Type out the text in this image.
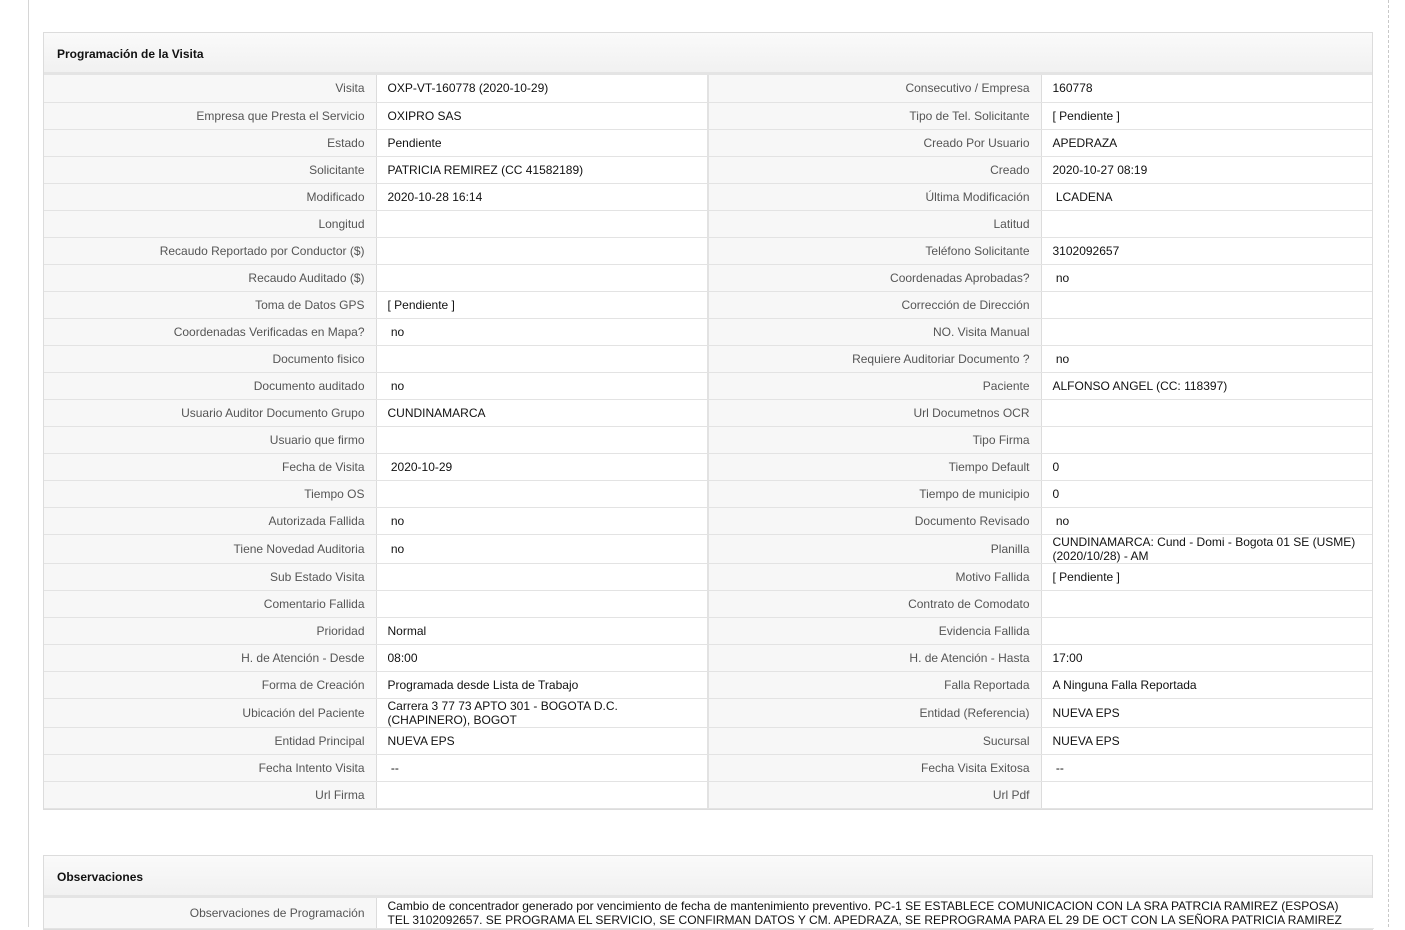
Programación de la Visita
Visita	OXP-VT-160778 (2020-10-29)	Consecutivo / Empresa	160778
Empresa que Presta el Servicio	OXIPRO SAS	Tipo de Tel. Solicitante	[ Pendiente ]
Estado	Pendiente	Creado Por Usuario	APEDRAZA
Solicitante	PATRICIA REMIREZ (CC 41582189)	Creado	2020-10-27 08:19
Modificado	2020-10-28 16:14	Última Modificación	LCADENA
Longitud		Latitud	
Recaudo Reportado por Conductor ($)		Teléfono Solicitante	3102092657
Recaudo Auditado ($)		Coordenadas Aprobadas?	no
Toma de Datos GPS	[ Pendiente ]	Corrección de Dirección	
Coordenadas Verificadas en Mapa?	no	NO. Visita Manual	
Documento fisico		Requiere Auditoriar Documento ?	no
Documento auditado	no	Paciente	ALFONSO ANGEL (CC: 118397)
Usuario Auditor Documento Grupo	CUNDINAMARCA	Url Documetnos OCR	
Usuario que firmo		Tipo Firma	
Fecha de Visita	2020-10-29	Tiempo Default	0
Tiempo OS		Tiempo de municipio	0
Autorizada Fallida	no	Documento Revisado	no
Tiene Novedad Auditoria	no	Planilla	CUNDINAMARCA: Cund - Domi - Bogota 01 SE (USME) (2020/10/28) - AM
Sub Estado Visita		Motivo Fallida	[ Pendiente ]
Comentario Fallida		Contrato de Comodato	
Prioridad	Normal	Evidencia Fallida	
H. de Atención - Desde	08:00	H. de Atención - Hasta	17:00
Forma de Creación	Programada desde Lista de Trabajo	Falla Reportada	A Ninguna Falla Reportada
Ubicación del Paciente	Carrera 3 77 73 APTO 301 - BOGOTA D.C. (CHAPINERO), BOGOT	Entidad (Referencia)	NUEVA EPS
Entidad Principal	NUEVA EPS	Sucursal	NUEVA EPS
Fecha Intento Visita	--	Fecha Visita Exitosa	--
Url Firma		Url Pdf	
Observaciones
Observaciones de Programación	Cambio de concentrador generado por vencimiento de fecha de mantenimiento preventivo. PC-1 SE ESTABLECE COMUNICACION CON LA SRA PATRCIA RAMIREZ (ESPOSA) TEL 3102092657. SE PROGRAMA EL SERVICIO, SE CONFIRMAN DATOS Y CM. APEDRAZA, SE REPROGRAMA PARA EL 29 DE OCT CON LA SEÑORA PATRICIA RAMIREZ
